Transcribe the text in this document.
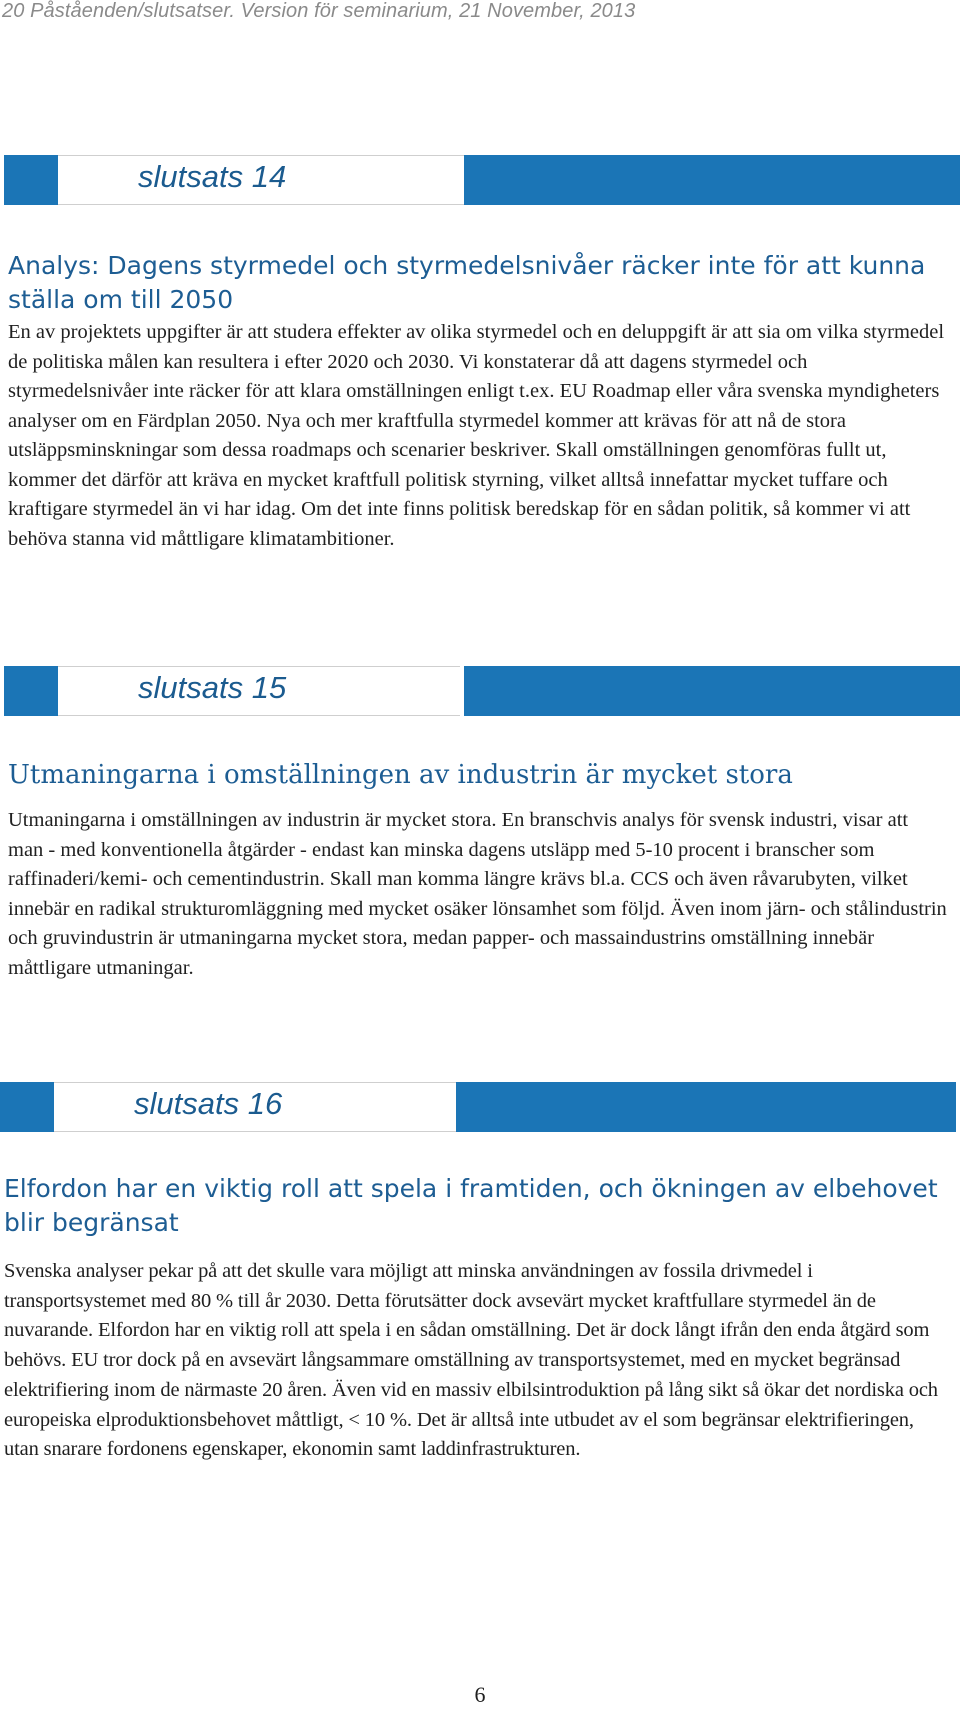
20 Påståenden/slutsatser. Version för seminarium, 21 November, 2013
slutsats 14
Analys: Dagens styrmedel och styrmedelsnivåer räcker inte för att kunna ställa om till 2050
En av projektets uppgifter är att studera effekter av olika styrmedel och en deluppgift är att sia om vilka styrmedel de politiska målen kan resultera i efter 2020 och 2030. Vi konstaterar då att dagens styrmedel och styrmedelsnivåer inte räcker för att klara omställningen enligt t.ex. EU Roadmap eller våra svenska myndigheters analyser om en Färdplan 2050. Nya och mer kraftfulla styrmedel kommer att krävas för att nå de stora utsläppsminskningar som dessa roadmaps och scenarier beskriver. Skall omställningen genomföras fullt ut, kommer det därför att kräva en mycket kraftfull politisk styrning, vilket alltså innefattar mycket tuffare och kraftigare styrmedel än vi har idag. Om det inte finns politisk beredskap för en sådan politik, så kommer vi att behöva stanna vid måttligare klimatambitioner.
slutsats 15
Utmaningarna i omställningen av industrin är mycket stora
Utmaningarna i omställningen av industrin är mycket stora. En branschvis analys för svensk industri, visar att man - med konventionella åtgärder - endast kan minska dagens utsläpp med 5-10 procent i branscher som raffinaderi/kemi- och cementindustrin. Skall man komma längre krävs bl.a. CCS och även råvarubyten, vilket innebär en radikal strukturomläggning med mycket osäker lönsamhet som följd. Även inom järn- och stålindustrin och gruvindustrin är utmaningarna mycket stora, medan papper- och massaindustrins omställning innebär måttligare utmaningar.
slutsats 16
Elfordon har en viktig roll att spela i framtiden, och ökningen av elbehovet blir begränsat
Svenska analyser pekar på att det skulle vara möjligt att minska användningen av fossila drivmedel i transportsystemet med 80 % till år 2030. Detta förutsätter dock avsevärt mycket kraftfullare styrmedel än de nuvarande. Elfordon har en viktig roll att spela i en sådan omställning. Det är dock långt ifrån den enda åtgärd som behövs. EU tror dock på en avsevärt långsammare omställning av transportsystemet, med en mycket begränsad elektrifiering inom de närmaste 20 åren. Även vid en massiv elbilsintroduktion på lång sikt så ökar det nordiska och europeiska elproduktionsbehovet måttligt, < 10 %. Det är alltså inte utbudet av el som begränsar elektrifieringen, utan snarare fordonens egenskaper, ekonomin samt laddinfrastrukturen.
6
